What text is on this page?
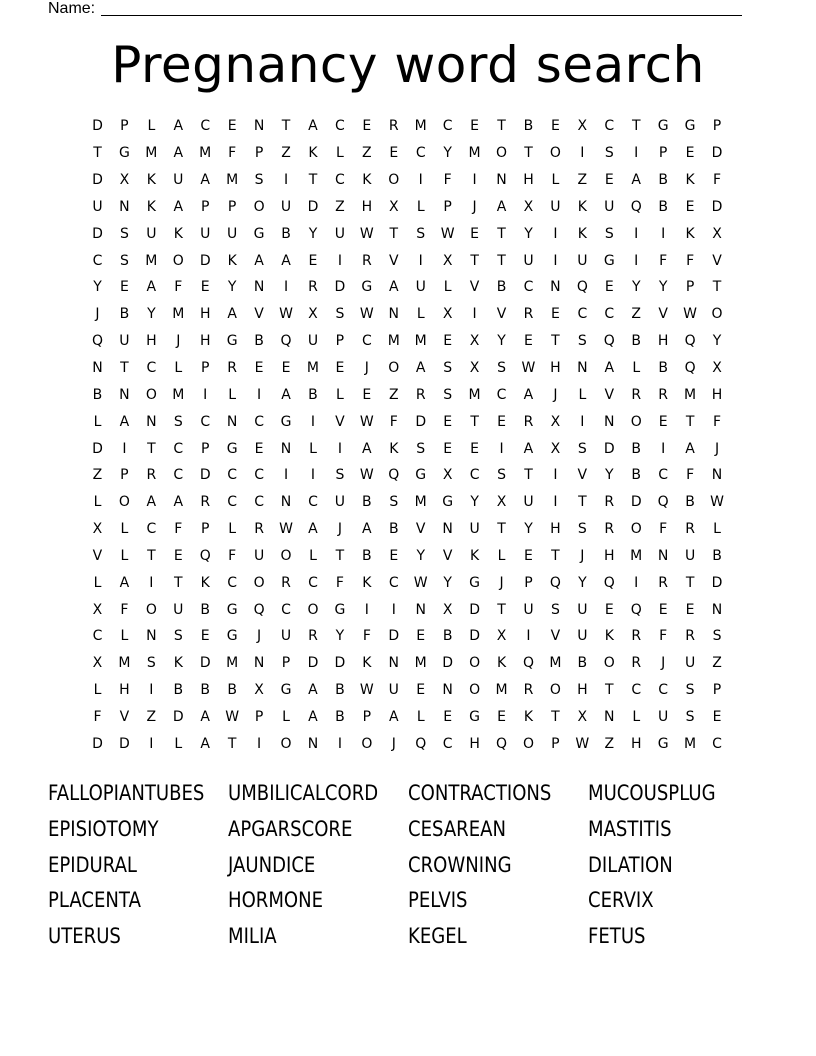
Name:
Pregnancy word search
D	P	L	A	C	E	N	T	A	C	E	R	M	C	E	T	B	E	X	C	T	G	G	P
T	G	M	A	M	F	P	Z	K	L	Z	E	C	Y	M	O	T	O	I	S	I	P	E	D
D	X	K	U	A	M	S	I	T	C	K	O	I	F	I	N	H	L	Z	E	A	B	K	F
U	N	K	A	P	P	O	U	D	Z	H	X	L	P	J	A	X	U	K	U	Q	B	E	D
D	S	U	K	U	U	G	B	Y	U	W	T	S	W	E	T	Y	I	K	S	I	I	K	X
C	S	M	O	D	K	A	A	E	I	R	V	I	X	T	T	U	I	U	G	I	F	F	V
Y	E	A	F	E	Y	N	I	R	D	G	A	U	L	V	B	C	N	Q	E	Y	Y	P	T
J	B	Y	M	H	A	V	W	X	S	W	N	L	X	I	V	R	E	C	C	Z	V	W	O
Q	U	H	J	H	G	B	Q	U	P	C	M	M	E	X	Y	E	T	S	Q	B	H	Q	Y
N	T	C	L	P	R	E	E	M	E	J	O	A	S	X	S	W	H	N	A	L	B	Q	X
B	N	O	M	I	L	I	A	B	L	E	Z	R	S	M	C	A	J	L	V	R	R	M	H
L	A	N	S	C	N	C	G	I	V	W	F	D	E	T	E	R	X	I	N	O	E	T	F
D	I	T	C	P	G	E	N	L	I	A	K	S	E	E	I	A	X	S	D	B	I	A	J
Z	P	R	C	D	C	C	I	I	S	W	Q	G	X	C	S	T	I	V	Y	B	C	F	N
L	O	A	A	R	C	C	N	C	U	B	S	M	G	Y	X	U	I	T	R	D	Q	B	W
X	L	C	F	P	L	R	W	A	J	A	B	V	N	U	T	Y	H	S	R	O	F	R	L
V	L	T	E	Q	F	U	O	L	T	B	E	Y	V	K	L	E	T	J	H	M	N	U	B
L	A	I	T	K	C	O	R	C	F	K	C	W	Y	G	J	P	Q	Y	Q	I	R	T	D
X	F	O	U	B	G	Q	C	O	G	I	I	N	X	D	T	U	S	U	E	Q	E	E	N
C	L	N	S	E	G	J	U	R	Y	F	D	E	B	D	X	I	V	U	K	R	F	R	S
X	M	S	K	D	M	N	P	D	D	K	N	M	D	O	K	Q	M	B	O	R	J	U	Z
L	H	I	B	B	B	X	G	A	B	W	U	E	N	O	M	R	O	H	T	C	C	S	P
F	V	Z	D	A	W	P	L	A	B	P	A	L	E	G	E	K	T	X	N	L	U	S	E
D	D	I	L	A	T	I	O	N	I	O	J	Q	C	H	Q	O	P	W	Z	H	G	M	C
FALLOPIANTUBES UMBILICALCORD CONTRACTIONS	MUCOUSPLUG
EPISIOTOMY	APGARSCORE	CESAREAN	MASTITIS
EPIDURAL	JAUNDICE	CROWNING	DILATION
PLACENTA	HORMONE	PELVIS	CERVIX
UTERUS	MILIA	KEGEL	FETUS
